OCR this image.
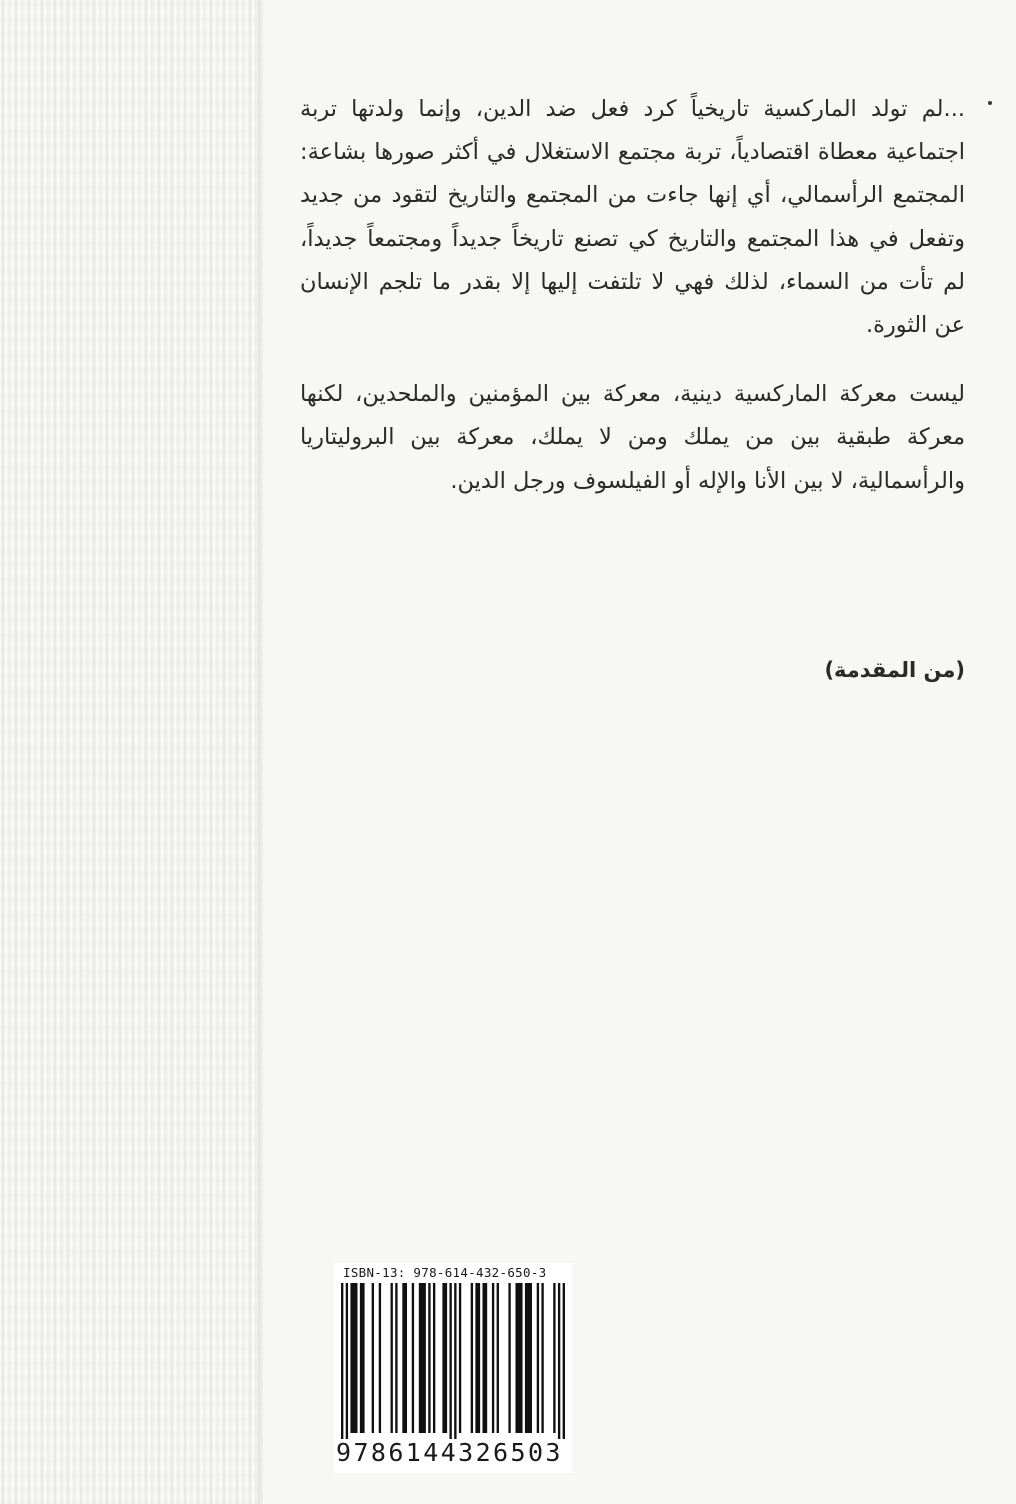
...لم تولد الماركسية تاريخياً كرد فعل ضد الدين، وإنما ولدتها تربة اجتماعية معطاة اقتصادياً، تربة مجتمع الاستغلال في أكثر صورها بشاعة: المجتمع الرأسمالي، أي إنها جاءت من المجتمع والتاريخ لتقود من جديد وتفعل في هذا المجتمع والتاريخ كي تصنع تاريخاً جديداً ومجتمعاً جديداً، لم تأت من السماء، لذلك فهي لا تلتفت إليها إلا بقدر ما تلجم الإنسان عن الثورة.

ليست معركة الماركسية دينية، معركة بين المؤمنين والملحدين، لكنها معركة طبقية بين من يملك ومن لا يملك، معركة بين البروليتاريا والرأسمالية، لا بين الأنا والإله أو الفيلسوف ورجل الدين.

(من المقدمة)
ISBN-13: 978-614-432-650-3
9786144326503
